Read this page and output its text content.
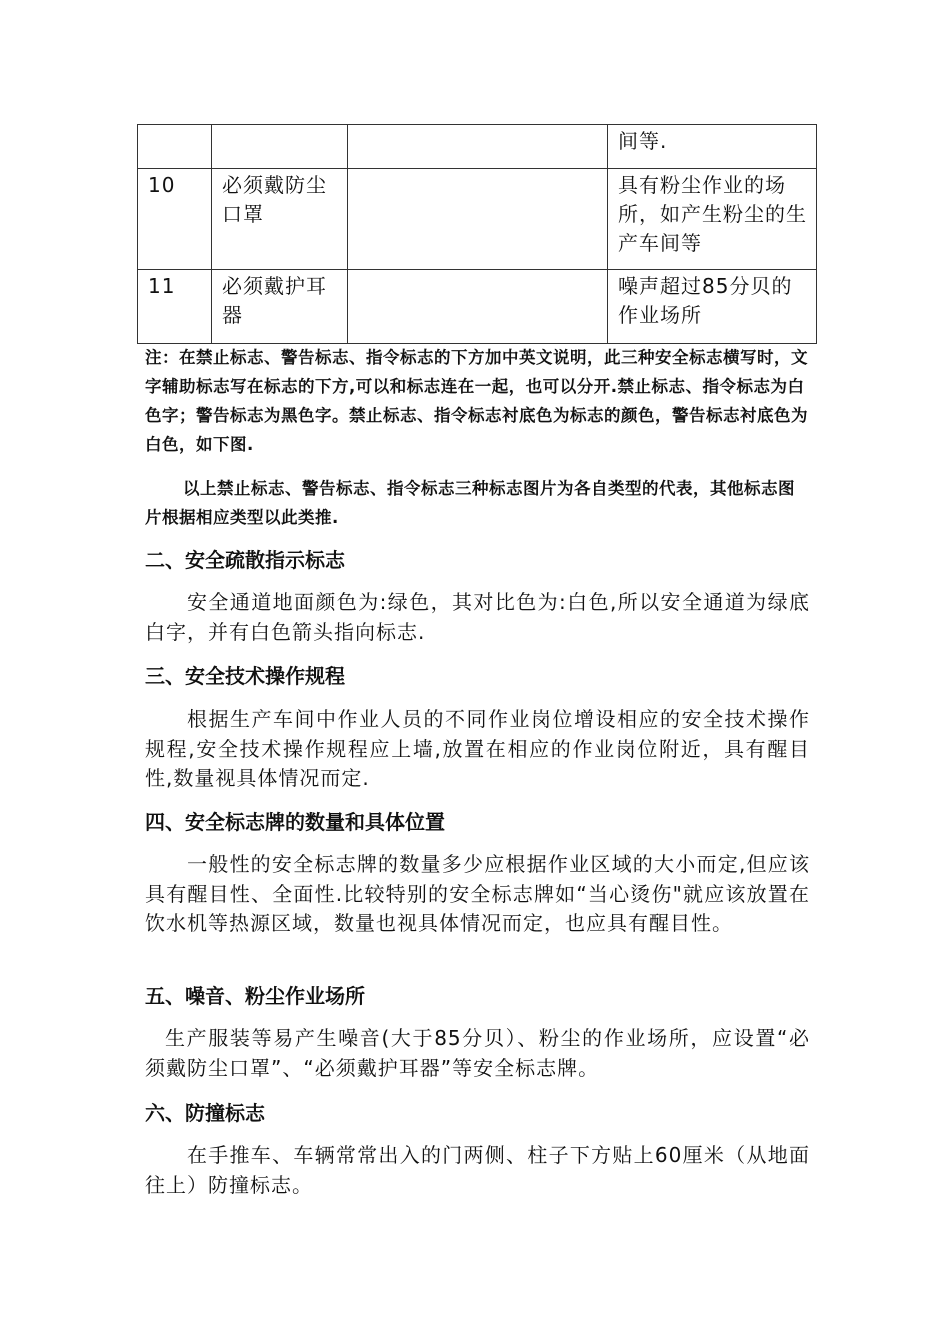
			间等.
10	必须戴防尘口罩		具有粉尘作业的场所，如产生粉尘的生产车间等
11	必须戴护耳器		噪声超过85分贝的作业场所
注：在禁止标志、警告标志、指令标志的下方加中英文说明，此三种安全标志横写时，文字辅助标志写在标志的下方,可以和标志连在一起，也可以分开.禁止标志、指令标志为白色字；警告标志为黑色字。禁止标志、指令标志衬底色为标志的颜色，警告标志衬底色为白色，如下图.
以上禁止标志、警告标志、指令标志三种标志图片为各自类型的代表，其他标志图片根据相应类型以此类推.
二、安全疏散指示标志
安全通道地面颜色为:绿色，其对比色为:白色,所以安全通道为绿底白字，并有白色箭头指向标志.
三、安全技术操作规程
根据生产车间中作业人员的不同作业岗位增设相应的安全技术操作规程,安全技术操作规程应上墙,放置在相应的作业岗位附近，具有醒目性,数量视具体情况而定.
四、安全标志牌的数量和具体位置
一般性的安全标志牌的数量多少应根据作业区域的大小而定,但应该具有醒目性、全面性.比较特别的安全标志牌如“当心烫伤"就应该放置在饮水机等热源区域，数量也视具体情况而定，也应具有醒目性。
五、噪音、粉尘作业场所
生产服装等易产生噪音(大于85分贝）、粉尘的作业场所，应设置“必须戴防尘口罩”、“必须戴护耳器”等安全标志牌。
六、防撞标志
在手推车、车辆常常出入的门两侧、柱子下方贴上60厘米（从地面往上）防撞标志。
